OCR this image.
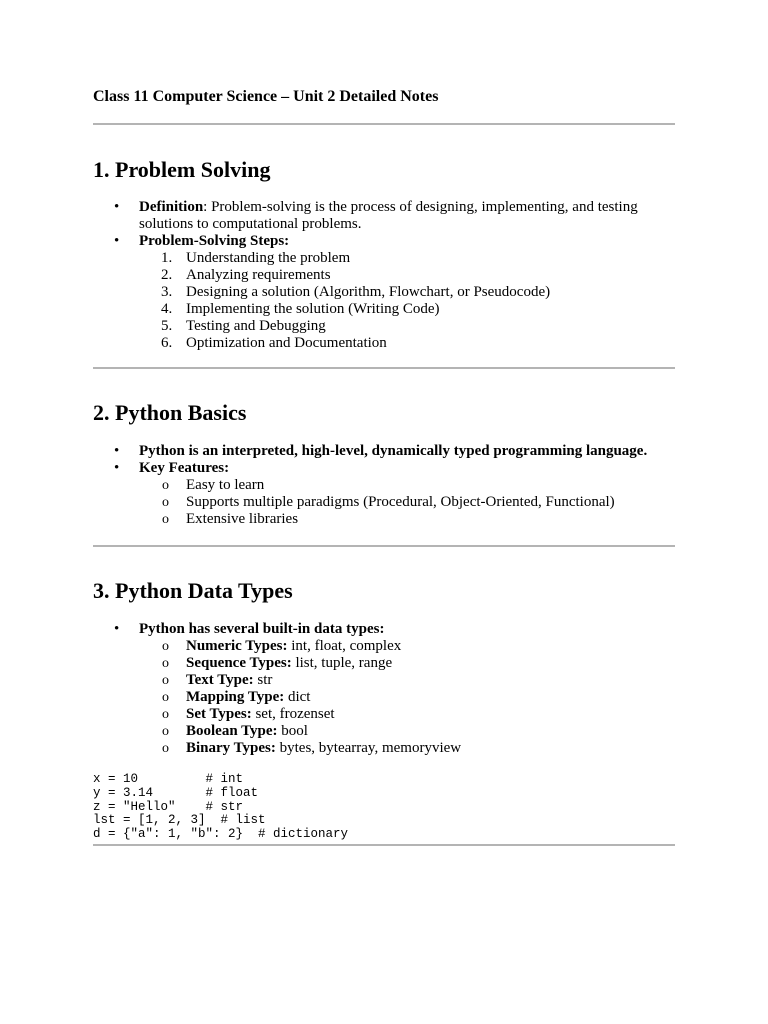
Class 11 Computer Science – Unit 2 Detailed Notes
1. Problem Solving
• Definition: Problem-solving is the process of designing, implementing, and testing solutions to computational problems.
• Problem-Solving Steps:
1. Understanding the problem
2. Analyzing requirements
3. Designing a solution (Algorithm, Flowchart, or Pseudocode)
4. Implementing the solution (Writing Code)
5. Testing and Debugging
6. Optimization and Documentation
2. Python Basics
• Python is an interpreted, high-level, dynamically typed programming language.
• Key Features:
o Easy to learn
o Supports multiple paradigms (Procedural, Object-Oriented, Functional)
o Extensive libraries
3. Python Data Types
• Python has several built-in data types:
o Numeric Types: int, float, complex
o Sequence Types: list, tuple, range
o Text Type: str
o Mapping Type: dict
o Set Types: set, frozenset
o Boolean Type: bool
o Binary Types: bytes, bytearray, memoryview
x = 10         # int
y = 3.14       # float
z = "Hello"    # str
lst = [1, 2, 3]  # list
d = {"a": 1, "b": 2}  # dictionary
